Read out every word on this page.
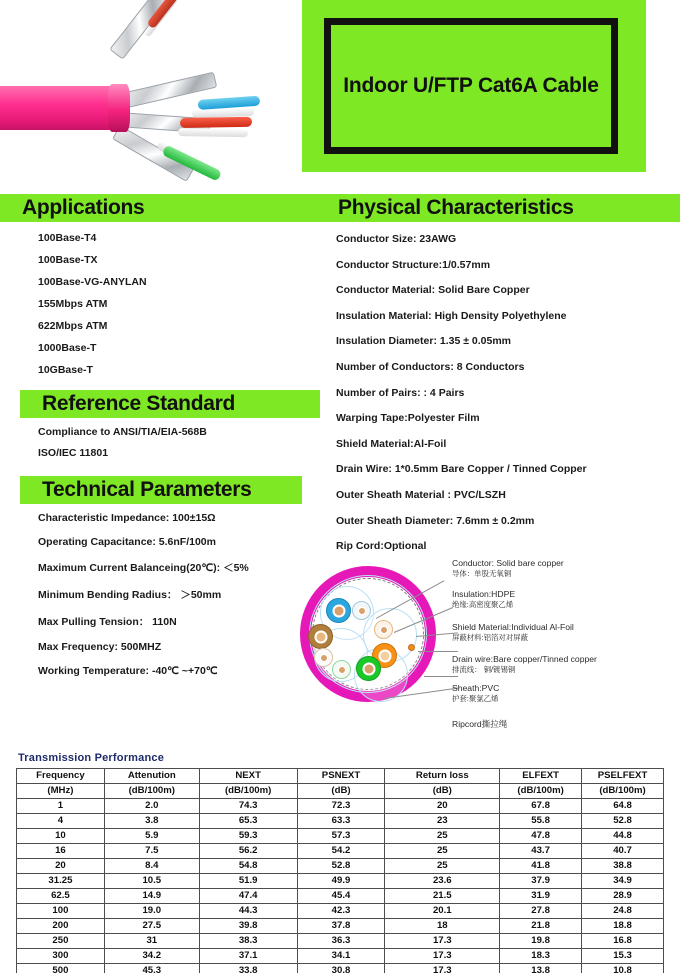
Indoor U/FTP Cat6A Cable
Applications	Physical Characteristics
100Base-T4
100Base-TX
100Base-VG-ANYLAN
155Mbps ATM
622Mbps ATM
1000Base-T
10GBase-T
Reference Standard
Compliance to ANSI/TIA/EIA-568B
ISO/IEC 11801
Technical Parameters
Characteristic Impedance: 100±15Ω
Operating Capacitance: 5.6nF/100m
Maximum Current Balanceing(20℃): ＜5%
Minimum Bending Radius： ＞50mm
Max Pulling Tension： 110N
Max Frequency: 500MHZ
Working Temperature: -40℃ ~+70℃
Conductor Size: 23AWG
Conductor Structure:1/0.57mm
Conductor Material: Solid Bare Copper
Insulation Material: High Density Polyethylene
Insulation Diameter: 1.35 ± 0.05mm
Number of Conductors: 8 Conductors
Number of Pairs: : 4 Pairs
Warping Tape:Polyester Film
Shield Material:Al-Foil
Drain Wire: 1*0.5mm Bare Copper / Tinned Copper
Outer Sheath Material : PVC/LSZH
Outer Sheath Diameter: 7.6mm ± 0.2mm
Rip Cord:Optional
Conductor: Solid bare copper
导体：单股无氧铜
Insulation:HDPE
绝缘:高密度聚乙烯
Shield Material:Individual Al-Foil
屏蔽材料:铝箔对对屏蔽
Drain wire:Bare copper/Tinned copper
排流线： 铜/镀锡铜
Sheath:PVC
护套:聚氯乙烯
Ripcord撕拉绳
Transmission Performance
Frequency	Attenution	NEXT	PSNEXT	Return loss	ELFEXT	PSELFEXT
(MHz)	(dB/100m)	(dB/100m)	(dB)	(dB)	(dB/100m)	(dB/100m)
1	2.0	74.3	72.3	20	67.8	64.8
4	3.8	65.3	63.3	23	55.8	52.8
10	5.9	59.3	57.3	25	47.8	44.8
16	7.5	56.2	54.2	25	43.7	40.7
20	8.4	54.8	52.8	25	41.8	38.8
31.25	10.5	51.9	49.9	23.6	37.9	34.9
62.5	14.9	47.4	45.4	21.5	31.9	28.9
100	19.0	44.3	42.3	20.1	27.8	24.8
200	27.5	39.8	37.8	18	21.8	18.8
250	31	38.3	36.3	17.3	19.8	16.8
300	34.2	37.1	34.1	17.3	18.3	15.3
500	45.3	33.8	30.8	17.3	13.8	10.8
